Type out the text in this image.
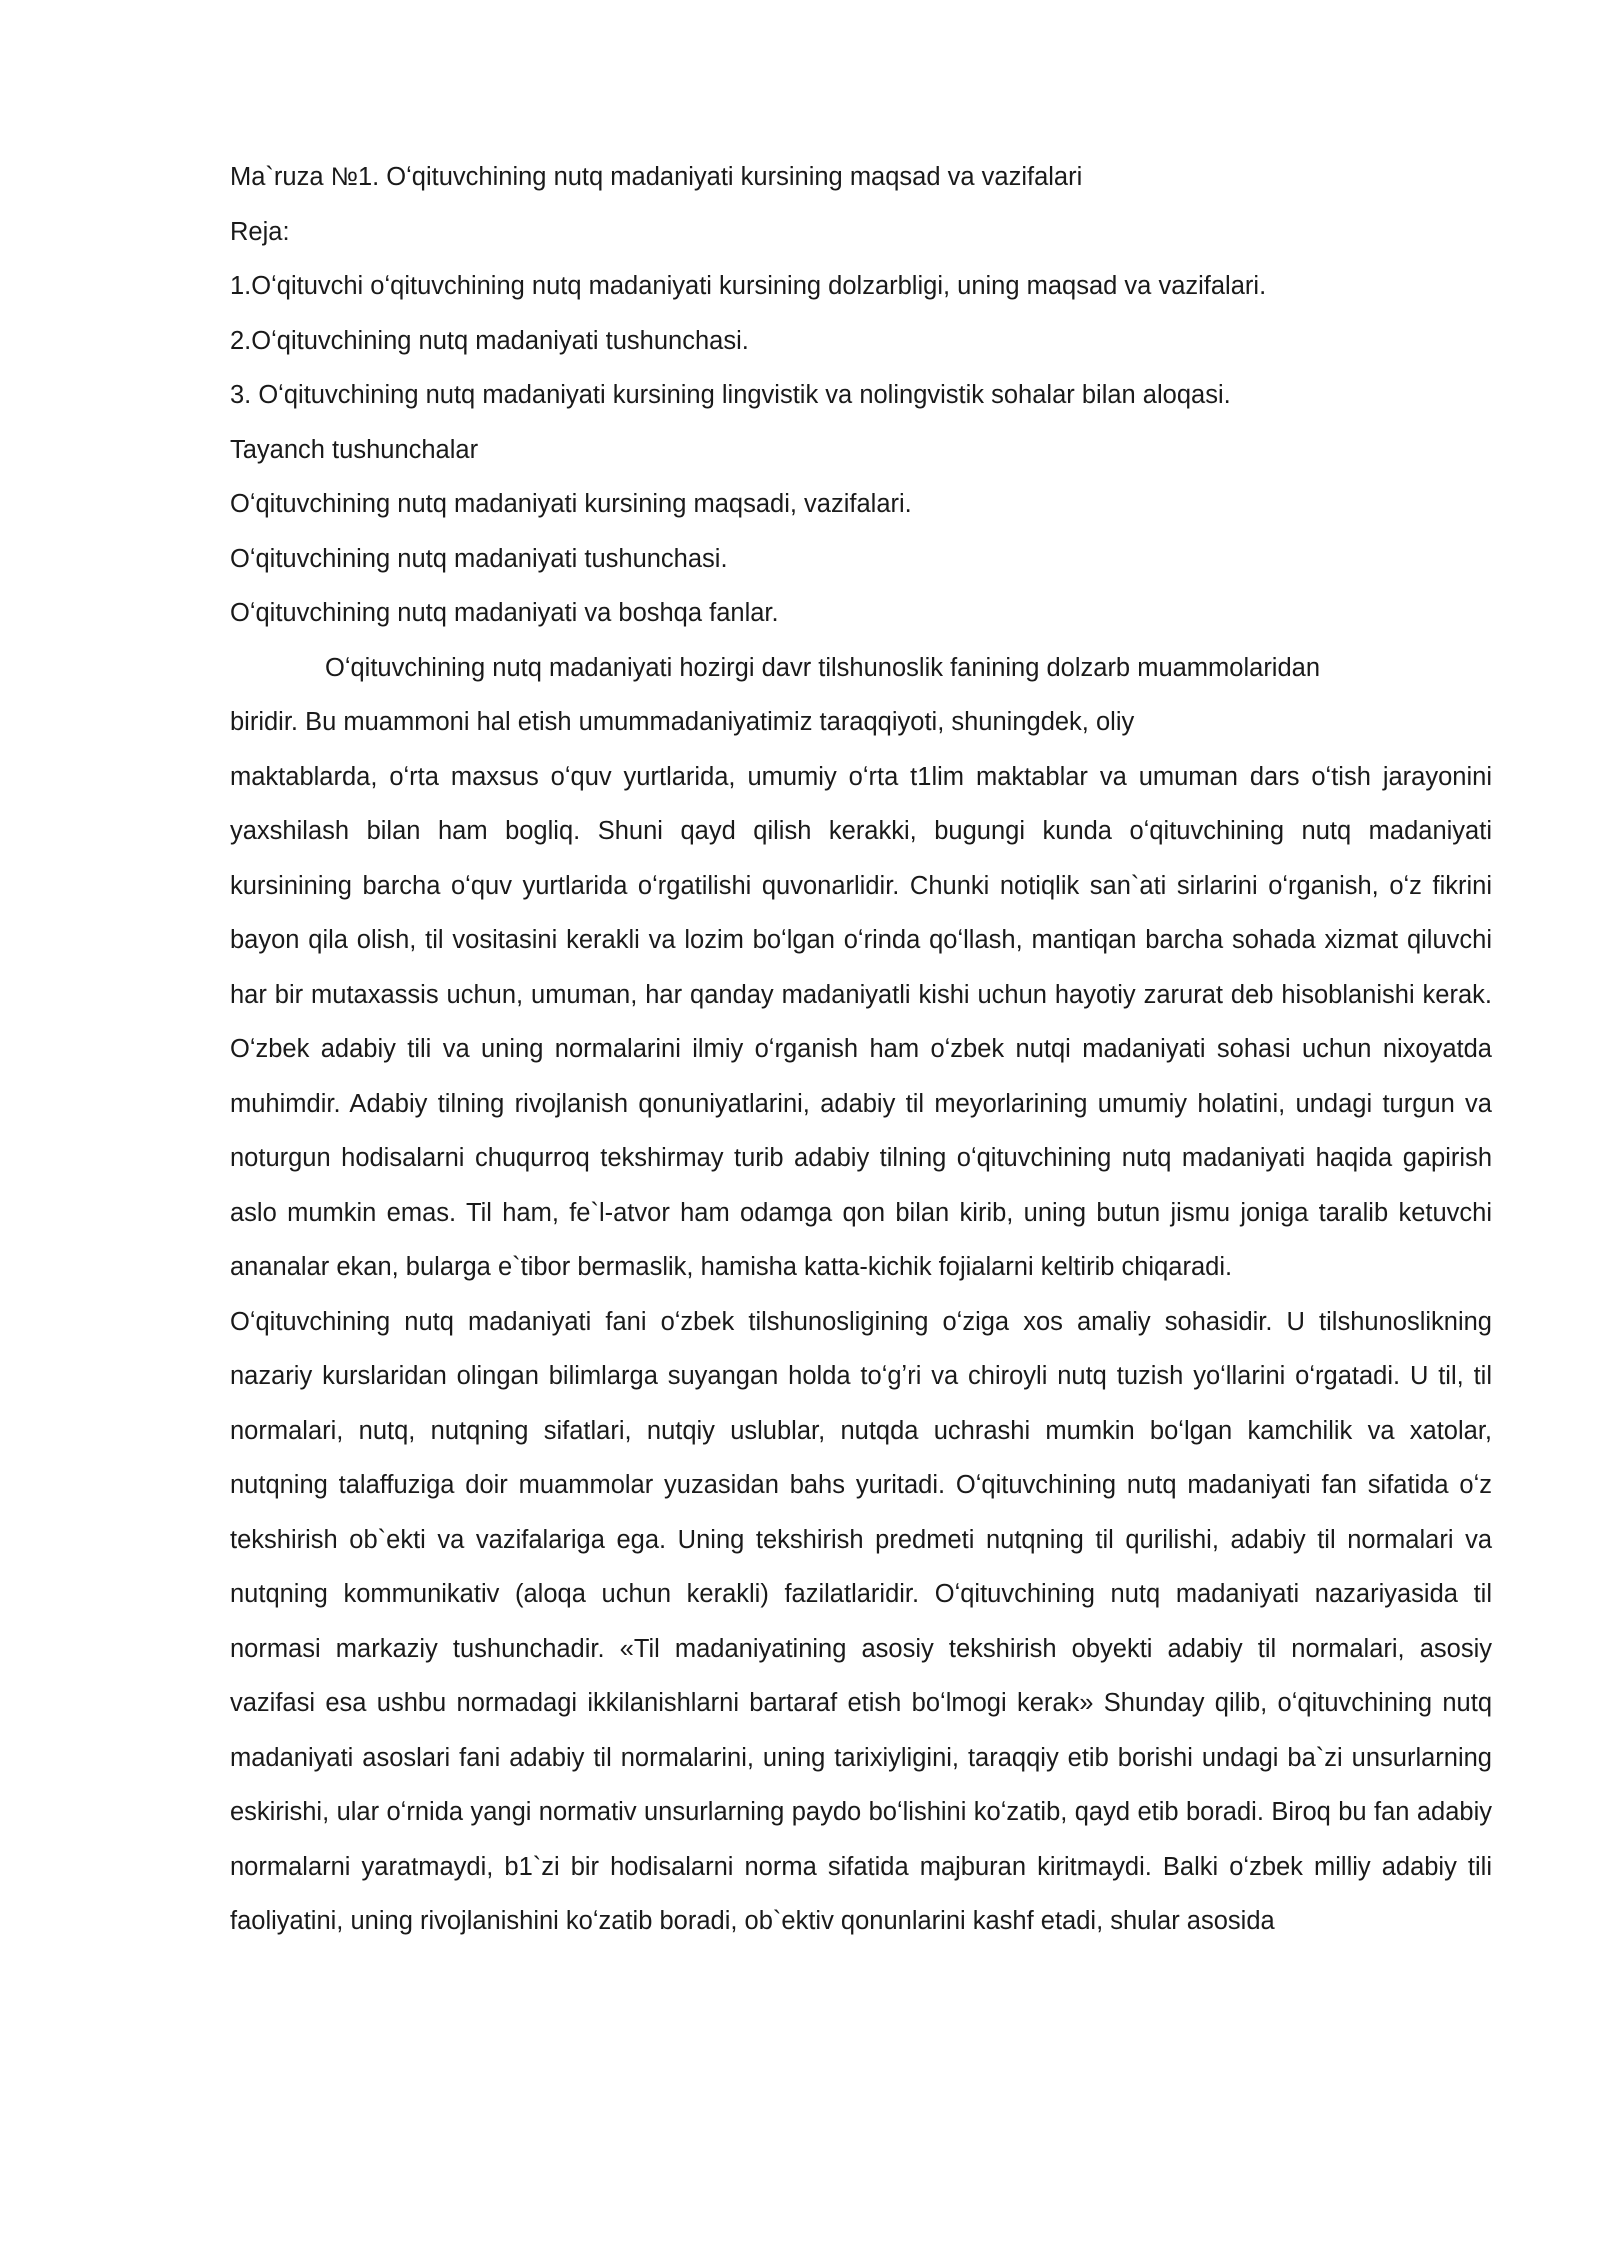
Ma`ruza №1. Oʻqituvchining nutq madaniyati kursining maqsad va vazifalari

Reja:

1.Oʻqituvchi oʻqituvchining nutq madaniyati kursining dolzarbligi, uning maqsad va vazifalari.

2.Oʻqituvchining nutq madaniyati tushunchasi.

3. Oʻqituvchining nutq madaniyati kursining lingvistik va nolingvistik sohalar bilan aloqasi.

Tayanch tushunchalar

Oʻqituvchining nutq madaniyati kursining maqsadi, vazifalari.

Oʻqituvchining nutq madaniyati tushunchasi.

Oʻqituvchining nutq madaniyati va boshqa fanlar.

Oʻqituvchining nutq madaniyati hozirgi davr tilshunoslik fanining dolzarb muammolaridan

biridir. Bu muammoni hal etish umummadaniyatimiz taraqqiyoti, shuningdek, oliy

maktablarda, oʻrta maxsus oʻquv yurtlarida, umumiy oʻrta t1lim maktablar va umuman dars oʻtish jarayonini yaxshilash bilan ham bogliq. Shuni qayd qilish kerakki, bugungi kunda oʻqituvchining nutq madaniyati kursinining barcha oʻquv yurtlarida oʻrgatilishi quvonarlidir. Chunki notiqlik san`ati sirlarini oʻrganish, oʻz fikrini bayon qila olish, til vositasini kerakli va lozim boʻlgan oʻrinda qoʻllash, mantiqan barcha sohada xizmat qiluvchi har bir mutaxassis uchun, umuman, har qanday madaniyatli kishi uchun hayotiy zarurat deb hisoblanishi kerak. Oʻzbek adabiy tili va uning normalarini ilmiy oʻrganish ham oʻzbek nutqi madaniyati sohasi uchun nixoyatda muhimdir. Adabiy tilning rivojlanish qonuniyatlarini, adabiy til meyorlarining umumiy holatini, undagi turgun va noturgun hodisalarni chuqurroq tekshirmay turib adabiy tilning oʻqituvchining nutq madaniyati haqida gapirish aslo mumkin emas. Til ham, fe`l-atvor ham odamga qon bilan kirib, uning butun jismu joniga taralib ketuvchi ananalar ekan, bularga e`tibor bermaslik, hamisha katta-kichik fojialarni keltirib chiqaradi.

Oʻqituvchining nutq madaniyati fani oʻzbek tilshunosligining oʻziga xos amaliy sohasidir. U tilshunoslikning nazariy kurslaridan olingan bilimlarga suyangan holda toʻgʼri va chiroyli nutq tuzish yoʻllarini oʻrgatadi. U til, til normalari, nutq, nutqning sifatlari, nutqiy uslublar, nutqda uchrashi mumkin boʻlgan kamchilik va xatolar, nutqning talaffuziga doir muammolar yuzasidan bahs yuritadi. Oʻqituvchining nutq madaniyati fan sifatida oʻz tekshirish ob`ekti va vazifalariga ega. Uning tekshirish predmeti nutqning til qurilishi, adabiy til normalari va nutqning kommunikativ (aloqa uchun kerakli) fazilatlaridir. Oʻqituvchining nutq madaniyati nazariyasida til normasi markaziy tushunchadir. «Til madaniyatining asosiy tekshirish obyekti adabiy til normalari, asosiy vazifasi esa ushbu normadagi ikkilanishlarni bartaraf etish boʻlmogi kerak» Shunday qilib, oʻqituvchining nutq madaniyati asoslari fani adabiy til normalarini, uning tarixiyligini, taraqqiy etib borishi undagi ba`zi unsurlarning eskirishi, ular oʻrnida yangi normativ unsurlarning paydo boʻlishini koʻzatib, qayd etib boradi. Biroq bu fan adabiy normalarni yaratmaydi, b1`zi bir hodisalarni norma sifatida majburan kiritmaydi. Balki oʻzbek milliy adabiy tili faoliyatini, uning rivojlanishini koʻzatib boradi, ob`ektiv qonunlarini kashf etadi, shular asosida
